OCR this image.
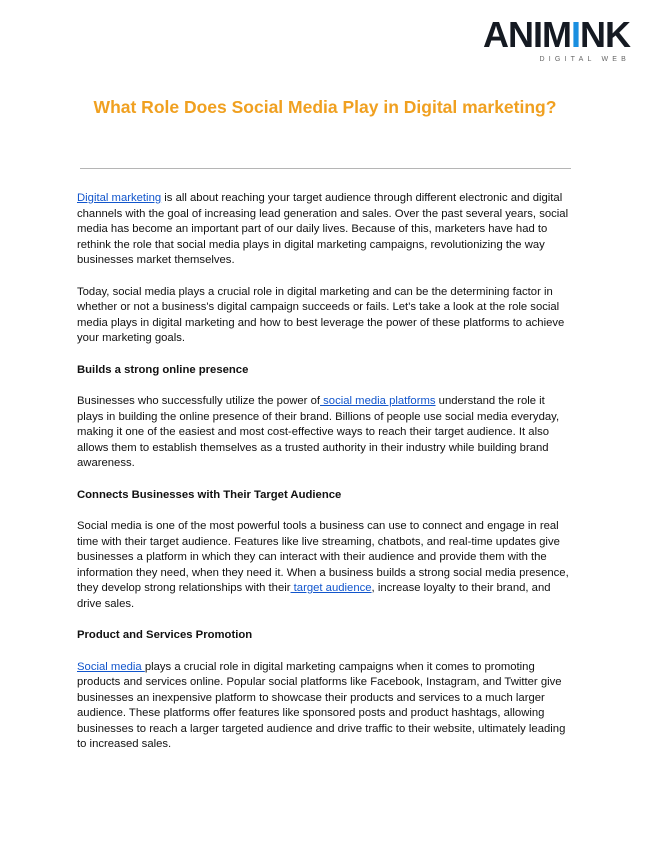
ANIMINK
DIGITAL WEB
What Role Does Social Media Play in Digital marketing?

Digital marketing is all about reaching your target audience through different electronic and digital channels with the goal of increasing lead generation and sales. Over the past several years, social media has become an important part of our daily lives. Because of this, marketers have had to rethink the role that social media plays in digital marketing campaigns, revolutionizing the way businesses market themselves.

Today, social media plays a crucial role in digital marketing and can be the determining factor in whether or not a business's digital campaign succeeds or fails. Let's take a look at the role social media plays in digital marketing and how to best leverage the power of these platforms to achieve your marketing goals.

Builds a strong online presence

Businesses who successfully utilize the power of social media platforms understand the role it plays in building the online presence of their brand. Billions of people use social media everyday, making it one of the easiest and most cost-effective ways to reach their target audience. It also allows them to establish themselves as a trusted authority in their industry while building brand awareness.

Connects Businesses with Their Target Audience

Social media is one of the most powerful tools a business can use to connect and engage in real time with their target audience. Features like live streaming, chatbots, and real-time updates give businesses a platform in which they can interact with their audience and provide them with the information they need, when they need it. When a business builds a strong social media presence, they develop strong relationships with their target audience, increase loyalty to their brand, and drive sales.

Product and Services Promotion

Social media plays a crucial role in digital marketing campaigns when it comes to promoting products and services online. Popular social platforms like Facebook, Instagram, and Twitter give businesses an inexpensive platform to showcase their products and services to a much larger audience. These platforms offer features like sponsored posts and product hashtags, allowing businesses to reach a larger targeted audience and drive traffic to their website, ultimately leading to increased sales.
